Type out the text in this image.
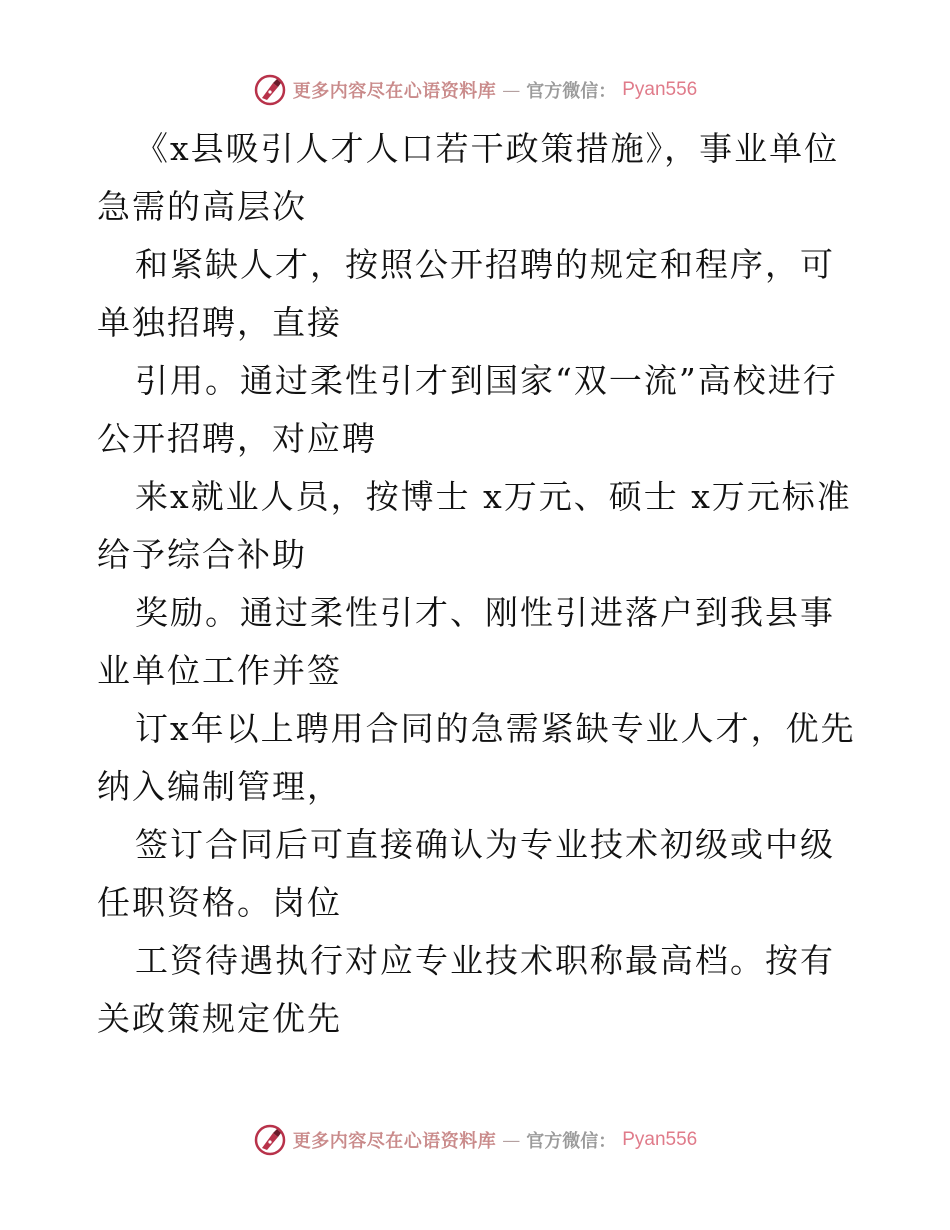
更多内容尽在心语资料库 — 官方微信： Pyan556

《x县吸引人才人口若干政策措施》，事业单位急需的高层次

和紧缺人才，按照公开招聘的规定和程序，可单独招聘，直接

引用。通过柔性引才到国家“双一流”高校进行公开招聘，对应聘

来x就业人员，按博士 x万元、硕士 x万元标准给予综合补助

奖励。通过柔性引才、刚性引进落户到我县事业单位工作并签

订x年以上聘用合同的急需紧缺专业人才，优先纳入编制管理，

签订合同后可直接确认为专业技术初级或中级任职资格。岗位

工资待遇执行对应专业技术职称最高档。按有关政策规定优先

更多内容尽在心语资料库 — 官方微信： Pyan556
